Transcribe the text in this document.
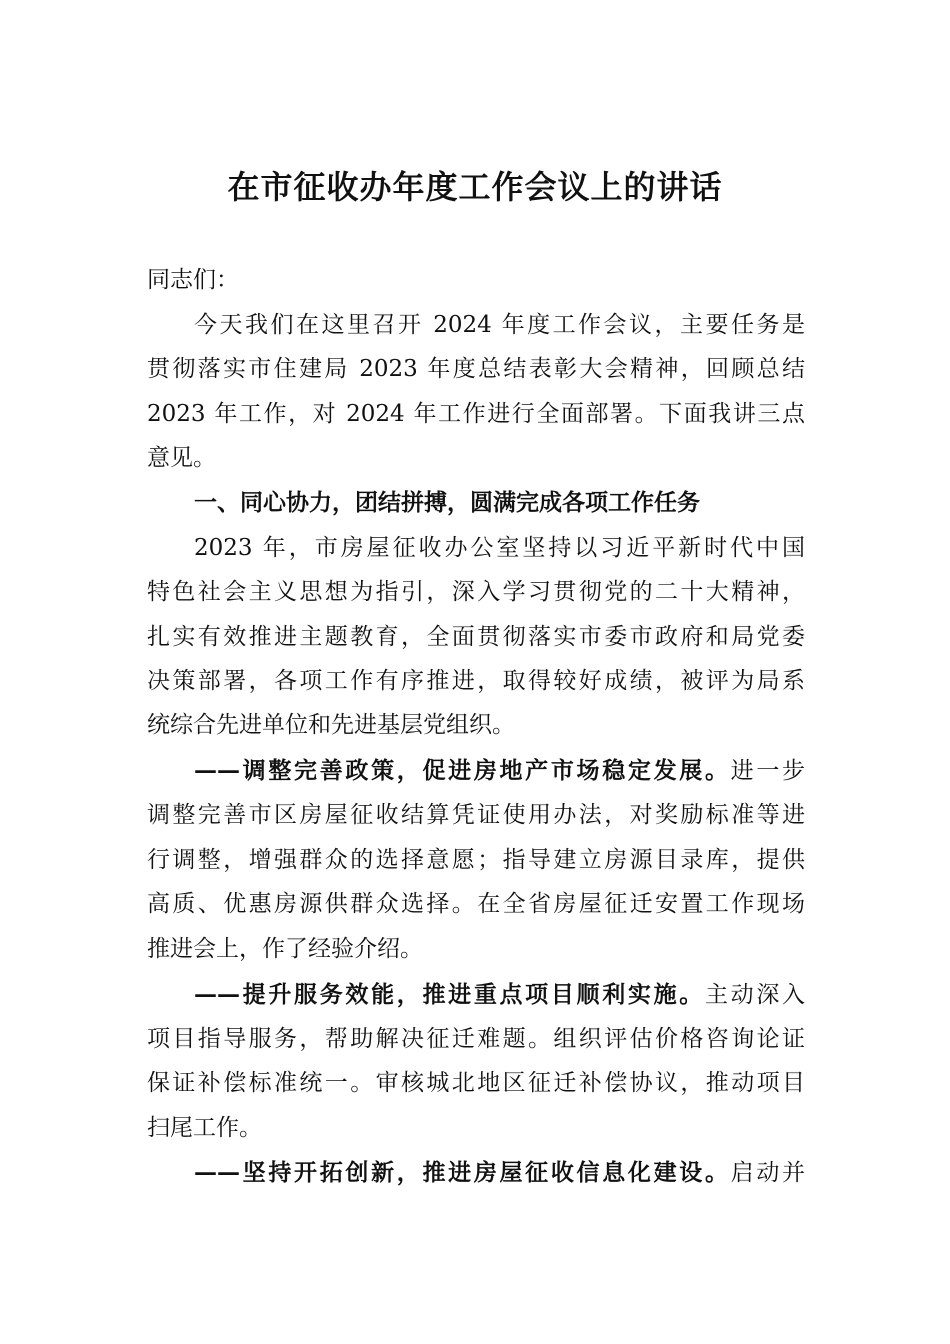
在市征收办年度工作会议上的讲话
同志们：
今天我们在这里召开 2024 年度工作会议，主要任务是
贯彻落实市住建局 2023 年度总结表彰大会精神，回顾总结
2023 年工作，对 2024 年工作进行全面部署。下面我讲三点
意见。
一、同心协力，团结拼搏，圆满完成各项工作任务
2023 年，市房屋征收办公室坚持以习近平新时代中国
特色社会主义思想为指引，深入学习贯彻党的二十大精神，
扎实有效推进主题教育，全面贯彻落实市委市政府和局党委
决策部署，各项工作有序推进，取得较好成绩，被评为局系
统综合先进单位和先进基层党组织。
——调整完善政策，促进房地产市场稳定发展。进一步
调整完善市区房屋征收结算凭证使用办法，对奖励标准等进
行调整，增强群众的选择意愿；指导建立房源目录库，提供
高质、优惠房源供群众选择。在全省房屋征迁安置工作现场
推进会上，作了经验介绍。
——提升服务效能，推进重点项目顺利实施。主动深入
项目指导服务，帮助解决征迁难题。组织评估价格咨询论证
保证补偿标准统一。审核城北地区征迁补偿协议，推动项目
扫尾工作。
——坚持开拓创新，推进房屋征收信息化建设。启动并
